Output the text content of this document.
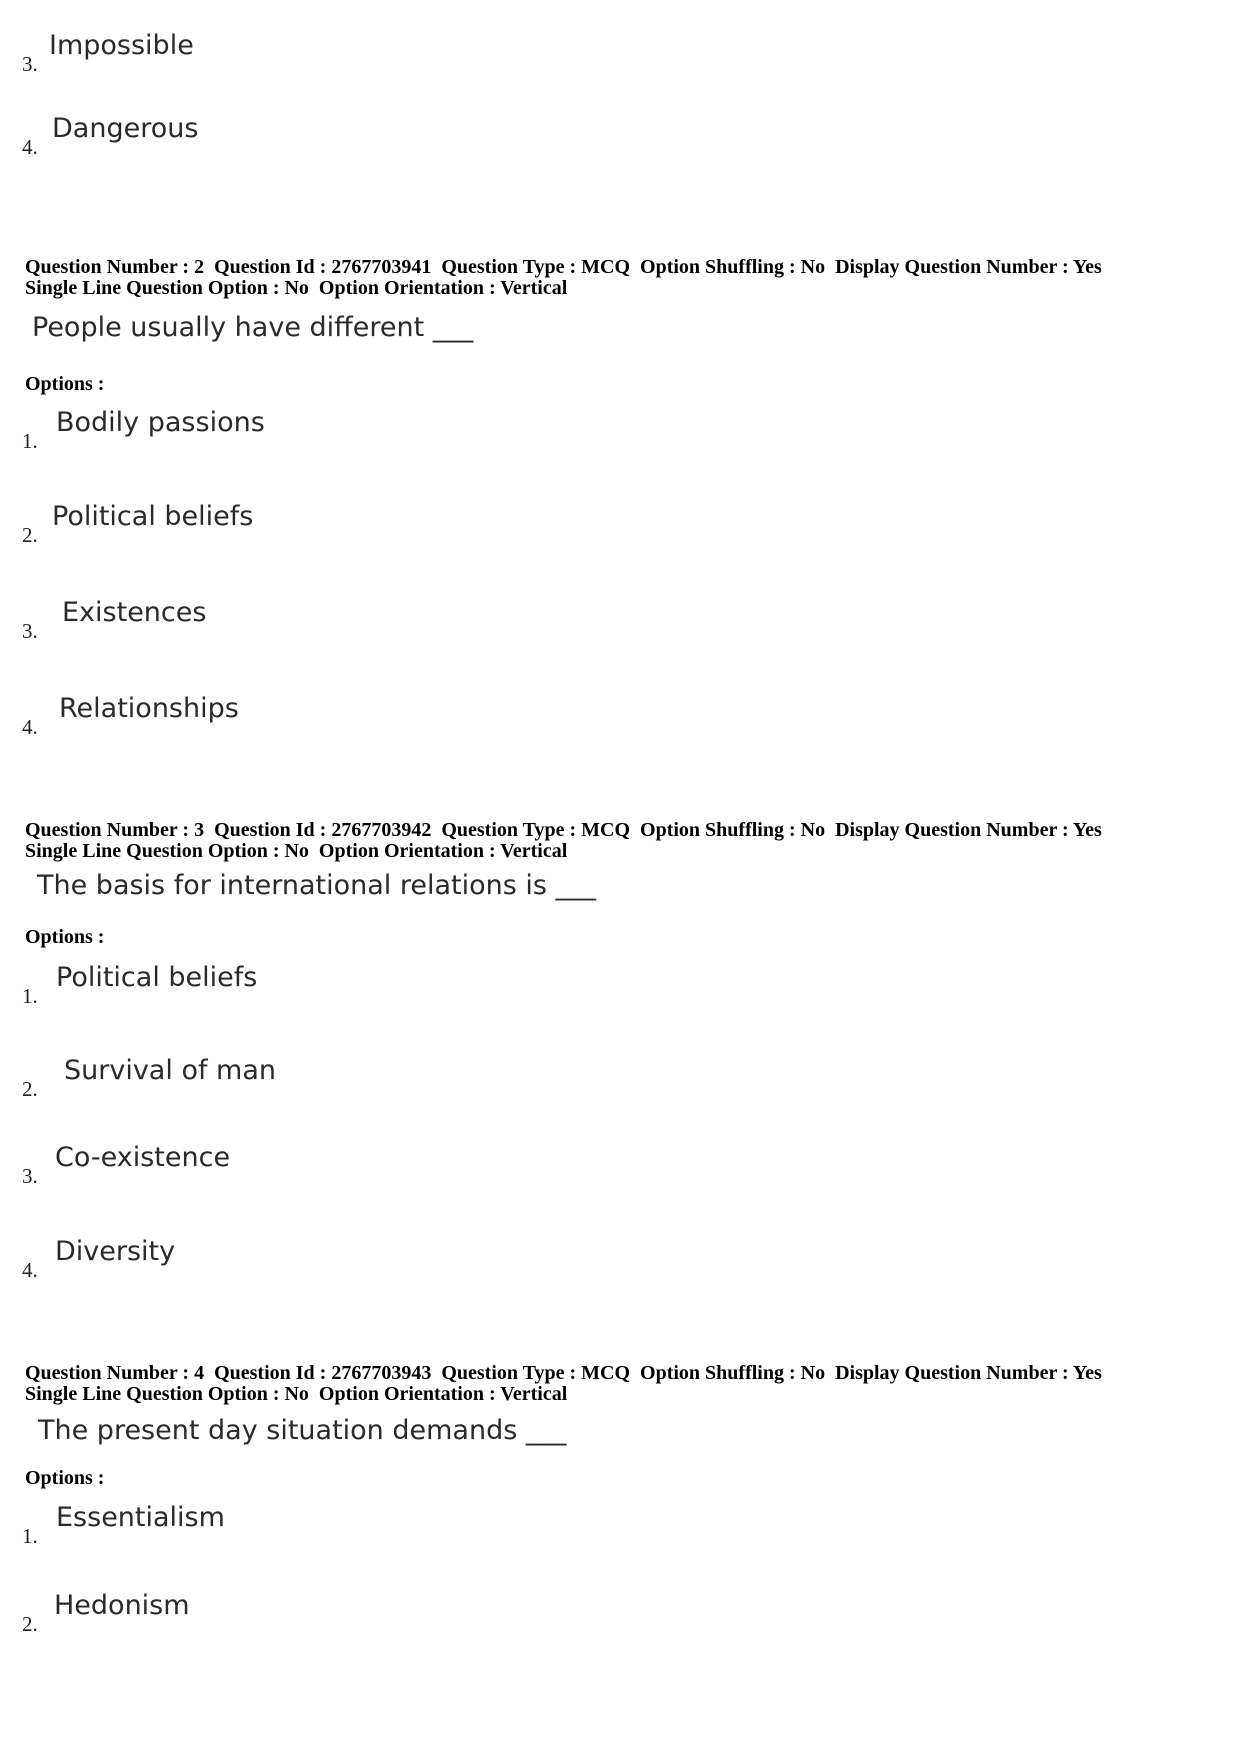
3.
Impossible
4.
Dangerous
Question Number : 2  Question Id : 2767703941  Question Type : MCQ  Option Shuffling : No  Display Question Number : Yes
Single Line Question Option : No  Option Orientation : Vertical
People usually have different ___
Options :
1.
Bodily passions
2.
Political beliefs
3.
Existences
4.
Relationships
Question Number : 3  Question Id : 2767703942  Question Type : MCQ  Option Shuffling : No  Display Question Number : Yes
Single Line Question Option : No  Option Orientation : Vertical
The basis for international relations is ___
Options :
1.
Political beliefs
2.
Survival of man
3.
Co-existence
4.
Diversity
Question Number : 4  Question Id : 2767703943  Question Type : MCQ  Option Shuffling : No  Display Question Number : Yes
Single Line Question Option : No  Option Orientation : Vertical
The present day situation demands ___
Options :
1.
Essentialism
2.
Hedonism
